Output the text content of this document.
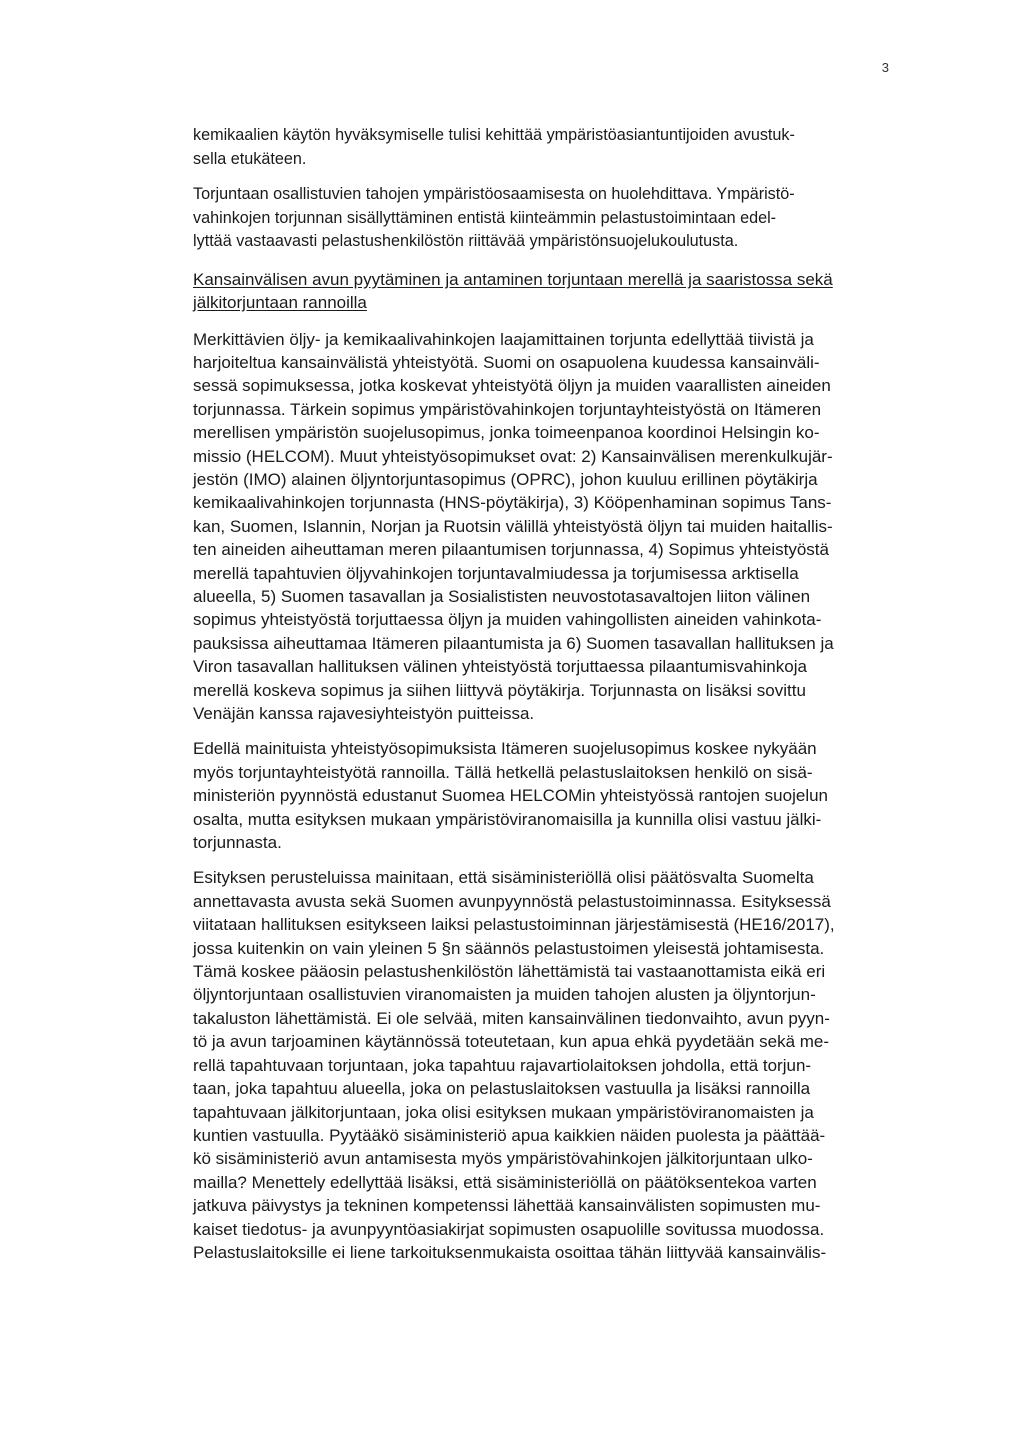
3

kemikaalien käytön hyväksymiselle tulisi kehittää ympäristöasiantuntijoiden avustuk-
sella etukäteen.

Torjuntaan osallistuvien tahojen ympäristöosaamisesta on huolehdittava. Ympäristö-
vahinkojen torjunnan sisällyttäminen entistä kiinteämmin pelastustoimintaan edel-
lyttää vastaavasti pelastushenkilöstön riittävää ympäristönsuojelukoulutusta.

Kansainvälisen avun pyytäminen ja antaminen torjuntaan merellä ja saaristossa sekä
jälkitorjuntaan rannoilla

Merkittävien öljy- ja kemikaalivahinkojen laajamittainen torjunta edellyttää tiivistä ja
harjoiteltua kansainvälistä yhteistyötä. Suomi on osapuolena kuudessa kansainväli-
sessä sopimuksessa, jotka koskevat yhteistyötä öljyn ja muiden vaarallisten aineiden
torjunnassa. Tärkein sopimus ympäristövahinkojen torjuntayhteistyöstä on Itämeren
merellisen ympäristön suojelusopimus, jonka toimeenpanoa koordinoi Helsingin ko-
missio (HELCOM). Muut yhteistyösopimukset ovat: 2) Kansainvälisen merenkulkujär-
jestön (IMO) alainen öljyntorjuntasopimus (OPRC), johon kuuluu erillinen pöytäkirja
kemikaalivahinkojen torjunnasta (HNS-pöytäkirja), 3) Kööpenhaminan sopimus Tans-
kan, Suomen, Islannin, Norjan ja Ruotsin välillä yhteistyöstä öljyn tai muiden haitallis-
ten aineiden aiheuttaman meren pilaantumisen torjunnassa, 4) Sopimus yhteistyöstä
merellä tapahtuvien öljyvahinkojen torjuntavalmiudessa ja torjumisessa arktisella
alueella, 5) Suomen tasavallan ja Sosialististen neuvostotasavaltojen liiton välinen
sopimus yhteistyöstä torjuttaessa öljyn ja muiden vahingollisten aineiden vahinkota-
pauksissa aiheuttamaa Itämeren pilaantumista ja 6) Suomen tasavallan hallituksen ja
Viron tasavallan hallituksen välinen yhteistyöstä torjuttaessa pilaantumisvahinkoja
merellä koskeva sopimus ja siihen liittyvä pöytäkirja. Torjunnasta on lisäksi sovittu
Venäjän kanssa rajavesiyhteistyön puitteissa.

Edellä mainituista yhteistyösopimuksista Itämeren suojelusopimus koskee nykyään
myös torjuntayhteistyötä rannoilla. Tällä hetkellä pelastuslaitoksen henkilö on sisä-
ministeriön pyynnöstä edustanut Suomea HELCOMin yhteistyössä rantojen suojelun
osalta, mutta esityksen mukaan ympäristöviranomaisilla ja kunnilla olisi vastuu jälki-
torjunnasta.

Esityksen perusteluissa mainitaan, että sisäministeriöllä olisi päätösvalta Suomelta
annettavasta avusta sekä Suomen avunpyynnöstä pelastustoiminnassa. Esityksessä
viitataan hallituksen esitykseen laiksi pelastustoiminnan järjestämisestä (HE16/2017),
jossa kuitenkin on vain yleinen 5 §n säännös pelastustoimen yleisestä johtamisesta.
Tämä koskee pääosin pelastushenkilöstön lähettämistä tai vastaanottamista eikä eri
öljyntorjuntaan osallistuvien viranomaisten ja muiden tahojen alusten ja öljyntorjun-
takaluston lähettämistä. Ei ole selvää, miten kansainvälinen tiedonvaihto, avun pyyn-
tö ja avun tarjoaminen käytännössä toteutetaan, kun apua ehkä pyydetään sekä me-
rellä tapahtuvaan torjuntaan, joka tapahtuu rajavartiolaitoksen johdolla, että torjun-
taan, joka tapahtuu alueella, joka on pelastuslaitoksen vastuulla ja lisäksi rannoilla
tapahtuvaan jälkitorjuntaan, joka olisi esityksen mukaan ympäristöviranomaisten ja
kuntien vastuulla. Pyytääkö sisäministeriö apua kaikkien näiden puolesta ja päättää-
kö sisäministeriö avun antamisesta myös ympäristövahinkojen jälkitorjuntaan ulko-
mailla? Menettely edellyttää lisäksi, että sisäministeriöllä on päätöksentekoa varten
jatkuva päivystys ja tekninen kompetenssi lähettää kansainvälisten sopimusten mu-
kaiset tiedotus- ja avunpyyntöasiakirjat sopimusten osapuolille sovitussa muodossa.
Pelastuslaitoksille ei liene tarkoituksenmukaista osoittaa tähän liittyvää kansainvälis-
